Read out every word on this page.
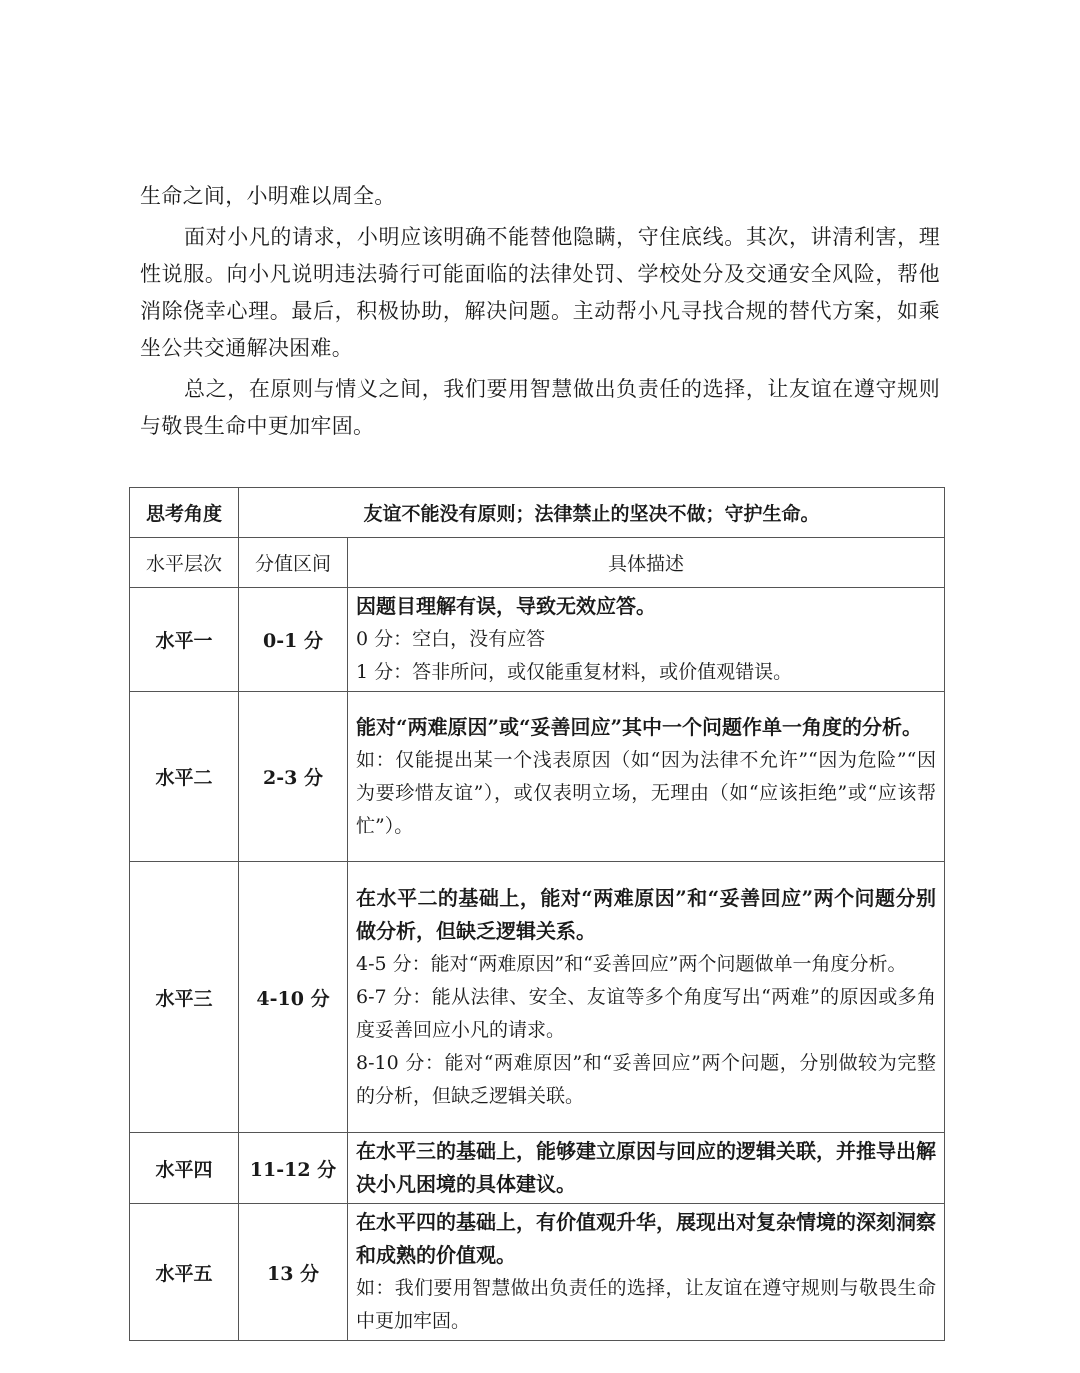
生命之间，小明难以周全。

面对小凡的请求，小明应该明确不能替他隐瞒，守住底线。其次，讲清利害，理性说服。向小凡说明违法骑行可能面临的法律处罚、学校处分及交通安全风险，帮他消除侥幸心理。最后，积极协助，解决问题。主动帮小凡寻找合规的替代方案，如乘坐公共交通解决困难。

总之，在原则与情义之间，我们要用智慧做出负责任的选择，让友谊在遵守规则与敬畏生命中更加牢固。

思考角度	友谊不能没有原则；法律禁止的坚决不做；守护生命。	
水平层次	分值区间	具体描述
水平一	0-1 分	因题目理解有误，导致无效应答。
0 分：空白，没有应答
1 分：答非所问，或仅能重复材料，或价值观错误。

水平二	2-3 分	能对“两难原因”或“妥善回应”其中一个问题作单一角度的分析。
如：仅能提出某一个浅表原因（如“因为法律不允许”“因为危险”“因为要珍惜友谊”），或仅表明立场，无理由（如“应该拒绝”或“应该帮忙”）。

水平三	4-10 分	在水平二的基础上，能对“两难原因”和“妥善回应”两个问题分别做分析，但缺乏逻辑关系。
4-5 分：能对“两难原因”和“妥善回应”两个问题做单一角度分析。
6-7 分：能从法律、安全、友谊等多个角度写出“两难”的原因或多角度妥善回应小凡的请求。
8-10 分：能对“两难原因”和“妥善回应”两个问题，分别做较为完整的分析，但缺乏逻辑关联。

水平四	11-12 分	在水平三的基础上，能够建立原因与回应的逻辑关联，并推导出解决小凡困境的具体建议。

水平五	13 分	在水平四的基础上，有价值观升华，展现出对复杂情境的深刻洞察和成熟的价值观。
如：我们要用智慧做出负责任的选择，让友谊在遵守规则与敬畏生命中更加牢固。
